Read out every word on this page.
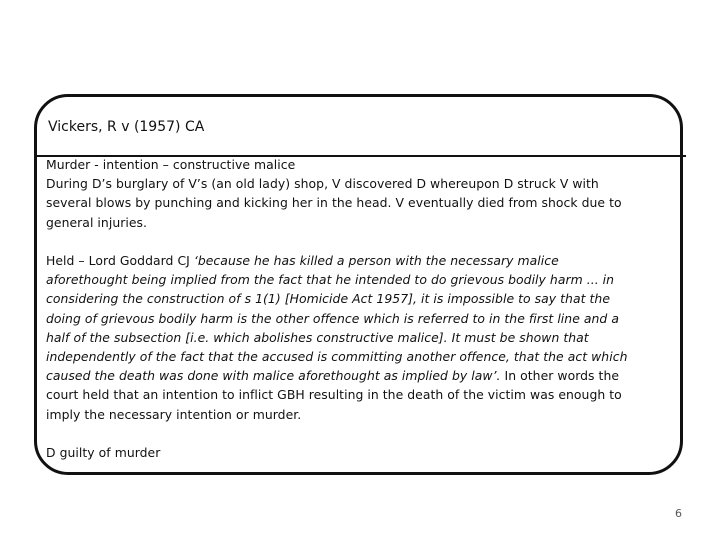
Vickers, R v (1957) CA
Murder - intention – constructive malice
During D’s burglary of V’s (an old lady) shop, V discovered D whereupon D struck V with
several blows by punching and kicking her in the head. V eventually died from shock due to
general injuries.
Held – Lord Goddard CJ ‘because he has killed a person with the necessary malice
aforethought being implied from the fact that he intended to do grievous bodily harm ... in
considering the construction of s 1(1) [Homicide Act 1957], it is impossible to say that the
doing of grievous bodily harm is the other offence which is referred to in the first line and a
half of the subsection [i.e. which abolishes constructive malice]. It must be shown that
independently of the fact that the accused is committing another offence, that the act which
caused the death was done with malice aforethought as implied by law’. In other words the
court held that an intention to inflict GBH resulting in the death of the victim was enough to
imply the necessary intention or murder.
D guilty of murder
6
